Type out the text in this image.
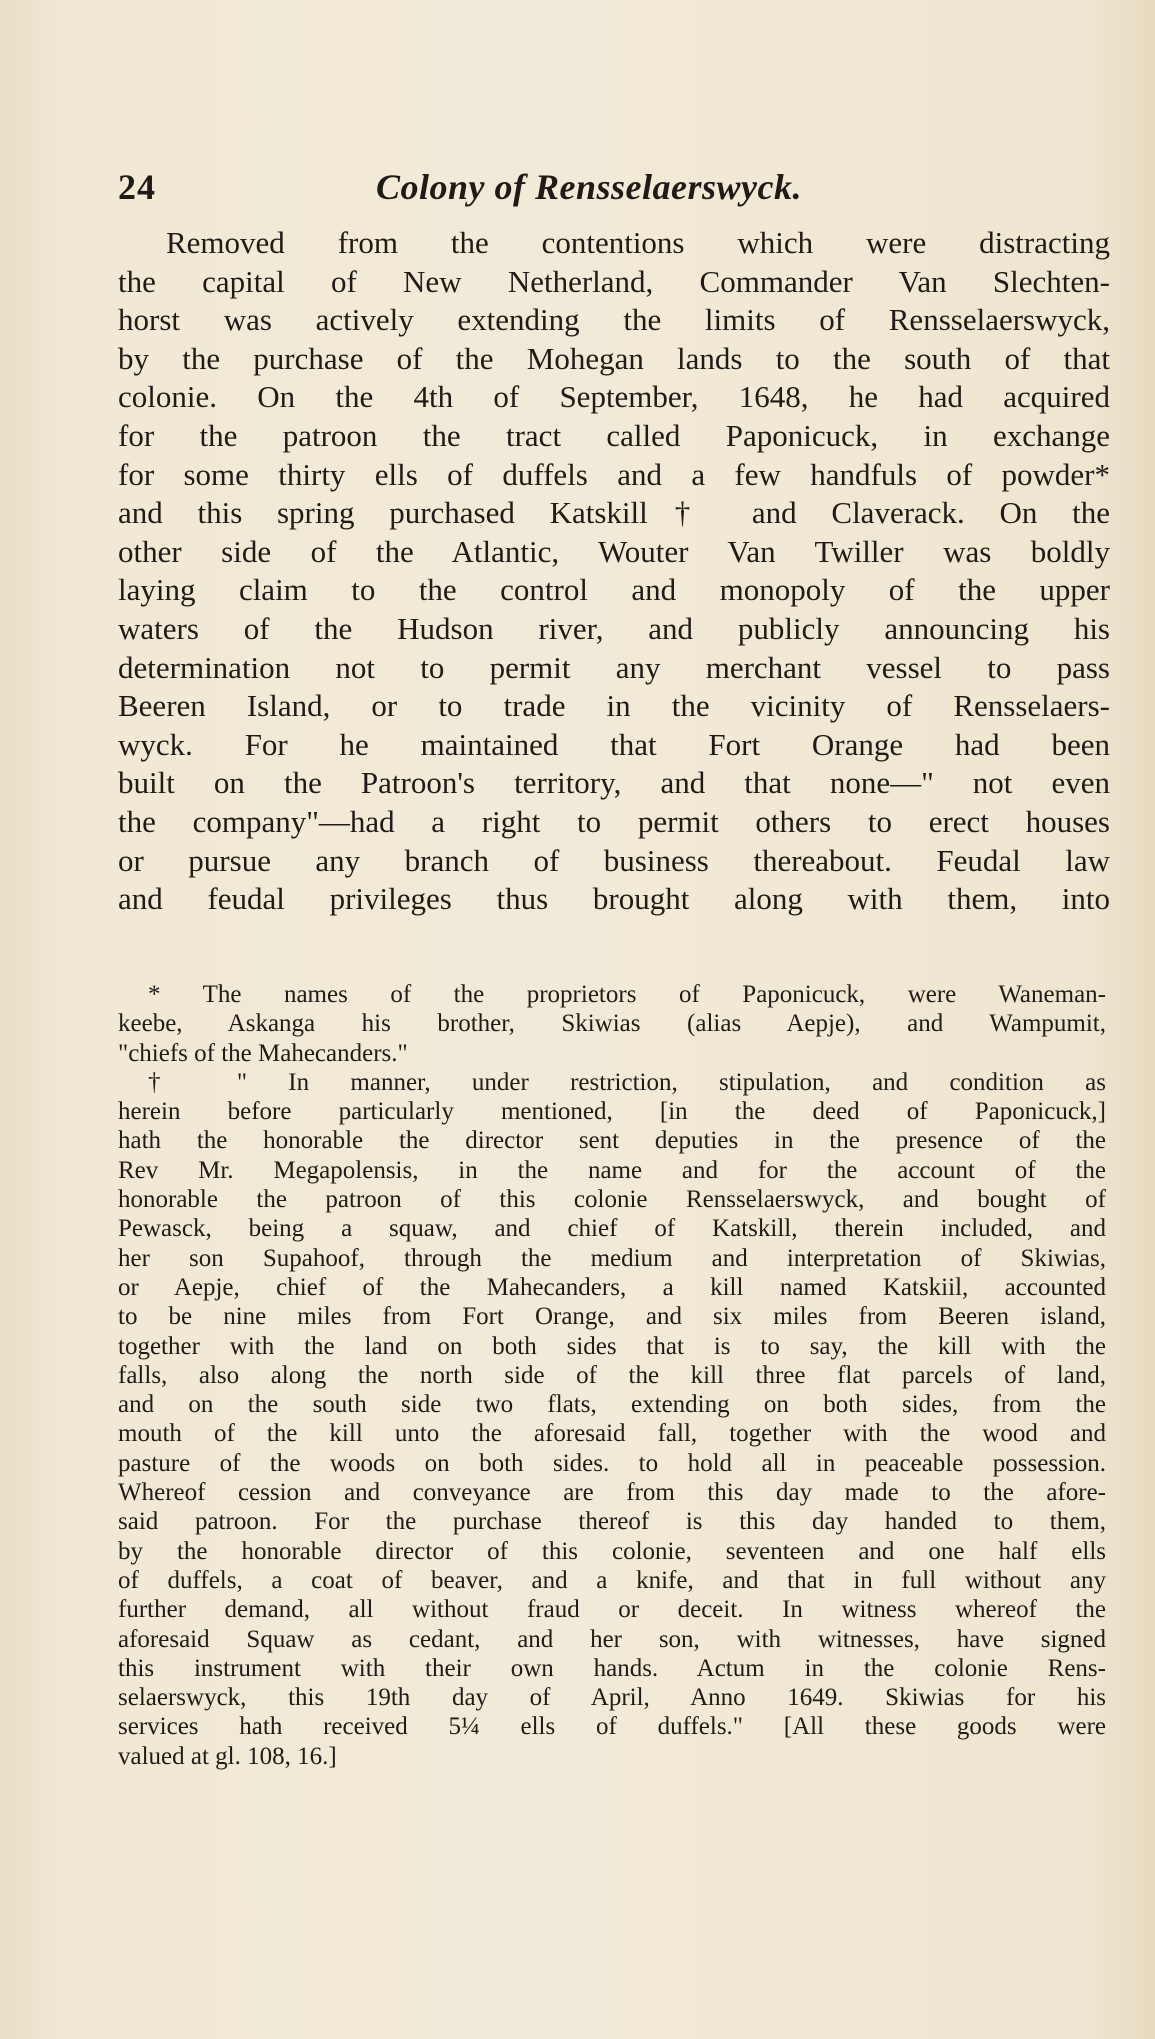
24	Colony of Rensselaerswyck.
Removed from the contentions which were distracting
the capital of New Netherland, Commander Van Slechten-
horst was actively extending the limits of Rensselaerswyck,
by the purchase of the Mohegan lands to the south of that
colonie. On the 4th of September, 1648, he had acquired
for the patroon the tract called Paponicuck, in exchange
for some thirty ells of duffels and a few handfuls of powder*
and this spring purchased Katskill† and Claverack. On the
other side of the Atlantic, Wouter Van Twiller was boldly
laying claim to the control and monopoly of the upper
waters of the Hudson river, and publicly announcing his
determination not to permit any merchant vessel to pass
Beeren Island, or to trade in the vicinity of Rensselaers-
wyck. For he maintained that Fort Orange had been
built on the Patroon's territory, and that none—" not even
the company"—had a right to permit others to erect houses
or pursue any branch of business thereabout. Feudal law
and feudal privileges thus brought along with them, into
* The names of the proprietors of Paponicuck, were Waneman-
keebe, Askanga his brother, Skiwias (alias Aepje), and Wampumit,
"chiefs of the Mahecanders."
† " In manner, under restriction, stipulation, and condition as
herein before particularly mentioned, [in the deed of Paponicuck,]
hath the honorable the director sent deputies in the presence of the
Rev Mr. Megapolensis, in the name and for the account of the
honorable the patroon of this colonie Rensselaerswyck, and bought of
Pewasck, being a squaw, and chief of Katskill, therein included, and
her son Supahoof, through the medium and interpretation of Skiwias,
or Aepje, chief of the Mahecanders, a kill named Katskiil, accounted
to be nine miles from Fort Orange, and six miles from Beeren island,
together with the land on both sides that is to say, the kill with the
falls, also along the north side of the kill three flat parcels of land,
and on the south side two flats, extending on both sides, from the
mouth of the kill unto the aforesaid fall, together with the wood and
pasture of the woods on both sides. to hold all in peaceable possession.
Whereof cession and conveyance are from this day made to the afore-
said patroon. For the purchase thereof is this day handed to them,
by the honorable director of this colonie, seventeen and one half ells
of duffels, a coat of beaver, and a knife, and that in full without any
further demand, all without fraud or deceit. In witness whereof the
aforesaid Squaw as cedant, and her son, with witnesses, have signed
this instrument with their own hands. Actum in the colonie Rens-
selaerswyck, this 19th day of April, Anno 1649. Skiwias for his
services hath received 5¼ ells of duffels." [All these goods were
valued at gl. 108, 16.]
